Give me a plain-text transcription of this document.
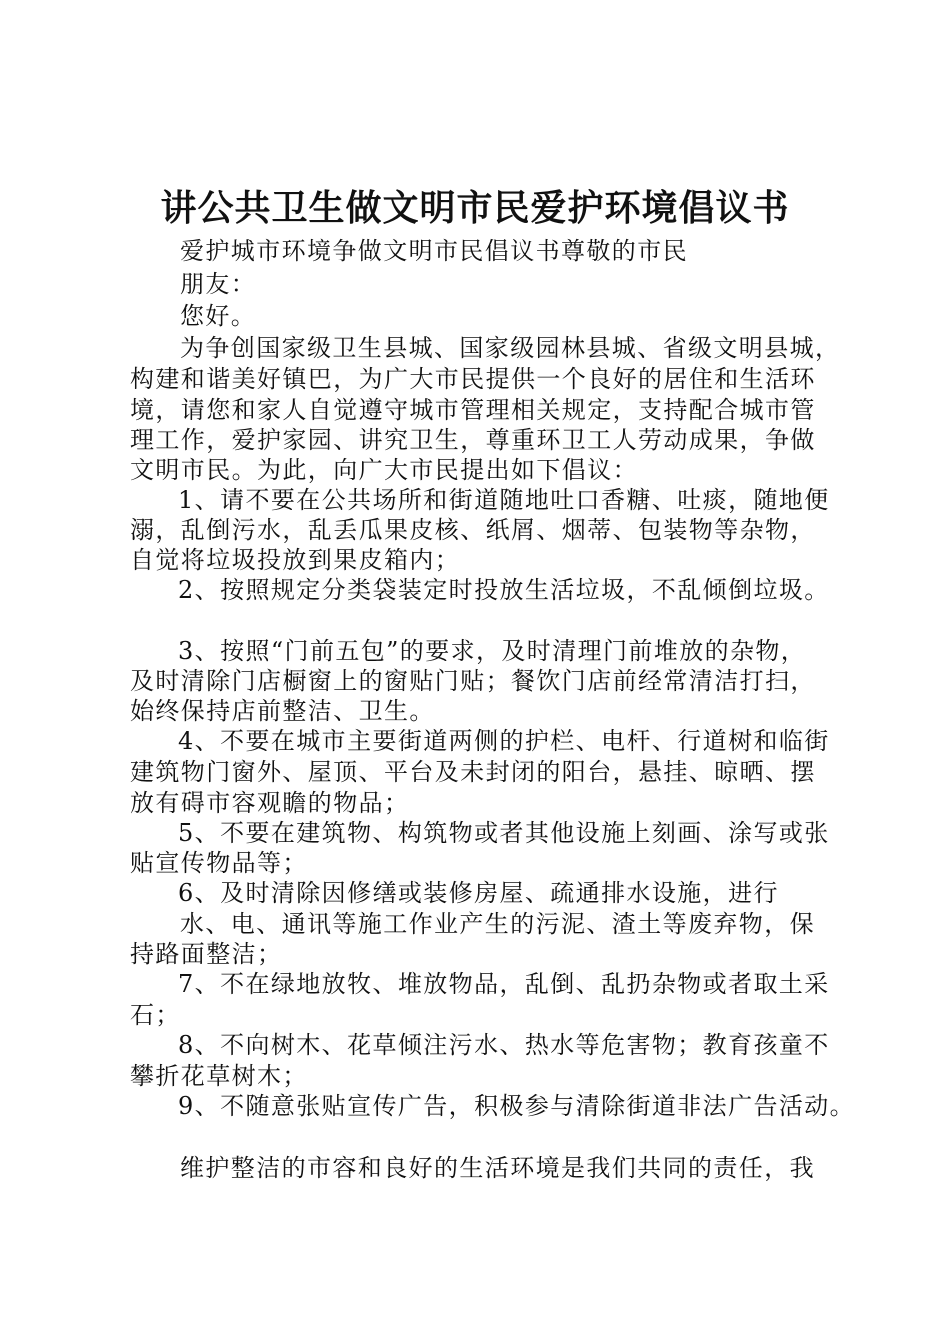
讲公共卫生做文明市民爱护环境倡议书
爱护城市环境争做文明市民倡议书尊敬的市民
朋友：
您好。
为争创国家级卫生县城、国家级园林县城、省级文明县城，
构建和谐美好镇巴，为广大市民提供一个良好的居住和生活环
境，请您和家人自觉遵守城市管理相关规定，支持配合城市管
理工作，爱护家园、讲究卫生，尊重环卫工人劳动成果，争做
文明市民。为此，向广大市民提出如下倡议：
1、请不要在公共场所和街道随地吐口香糖、吐痰，随地便
溺，乱倒污水，乱丢瓜果皮核、纸屑、烟蒂、包装物等杂物，
自觉将垃圾投放到果皮箱内；
2、按照规定分类袋装定时投放生活垃圾，不乱倾倒垃圾。
3、按照“门前五包”的要求，及时清理门前堆放的杂物，
及时清除门店橱窗上的窗贴门贴；餐饮门店前经常清洁打扫，
始终保持店前整洁、卫生。
4、不要在城市主要街道两侧的护栏、电杆、行道树和临街
建筑物门窗外、屋顶、平台及未封闭的阳台，悬挂、晾晒、摆
放有碍市容观瞻的物品；
5、不要在建筑物、构筑物或者其他设施上刻画、涂写或张
贴宣传物品等；
6、及时清除因修缮或装修房屋、疏通排水设施，进行
水、电、通讯等施工作业产生的污泥、渣土等废弃物，保
持路面整洁；
7、不在绿地放牧、堆放物品，乱倒、乱扔杂物或者取土采
石；
8、不向树木、花草倾注污水、热水等危害物；教育孩童不
攀折花草树木；
9、不随意张贴宣传广告，积极参与清除街道非法广告活动。
维护整洁的市容和良好的生活环境是我们共同的责任，我
